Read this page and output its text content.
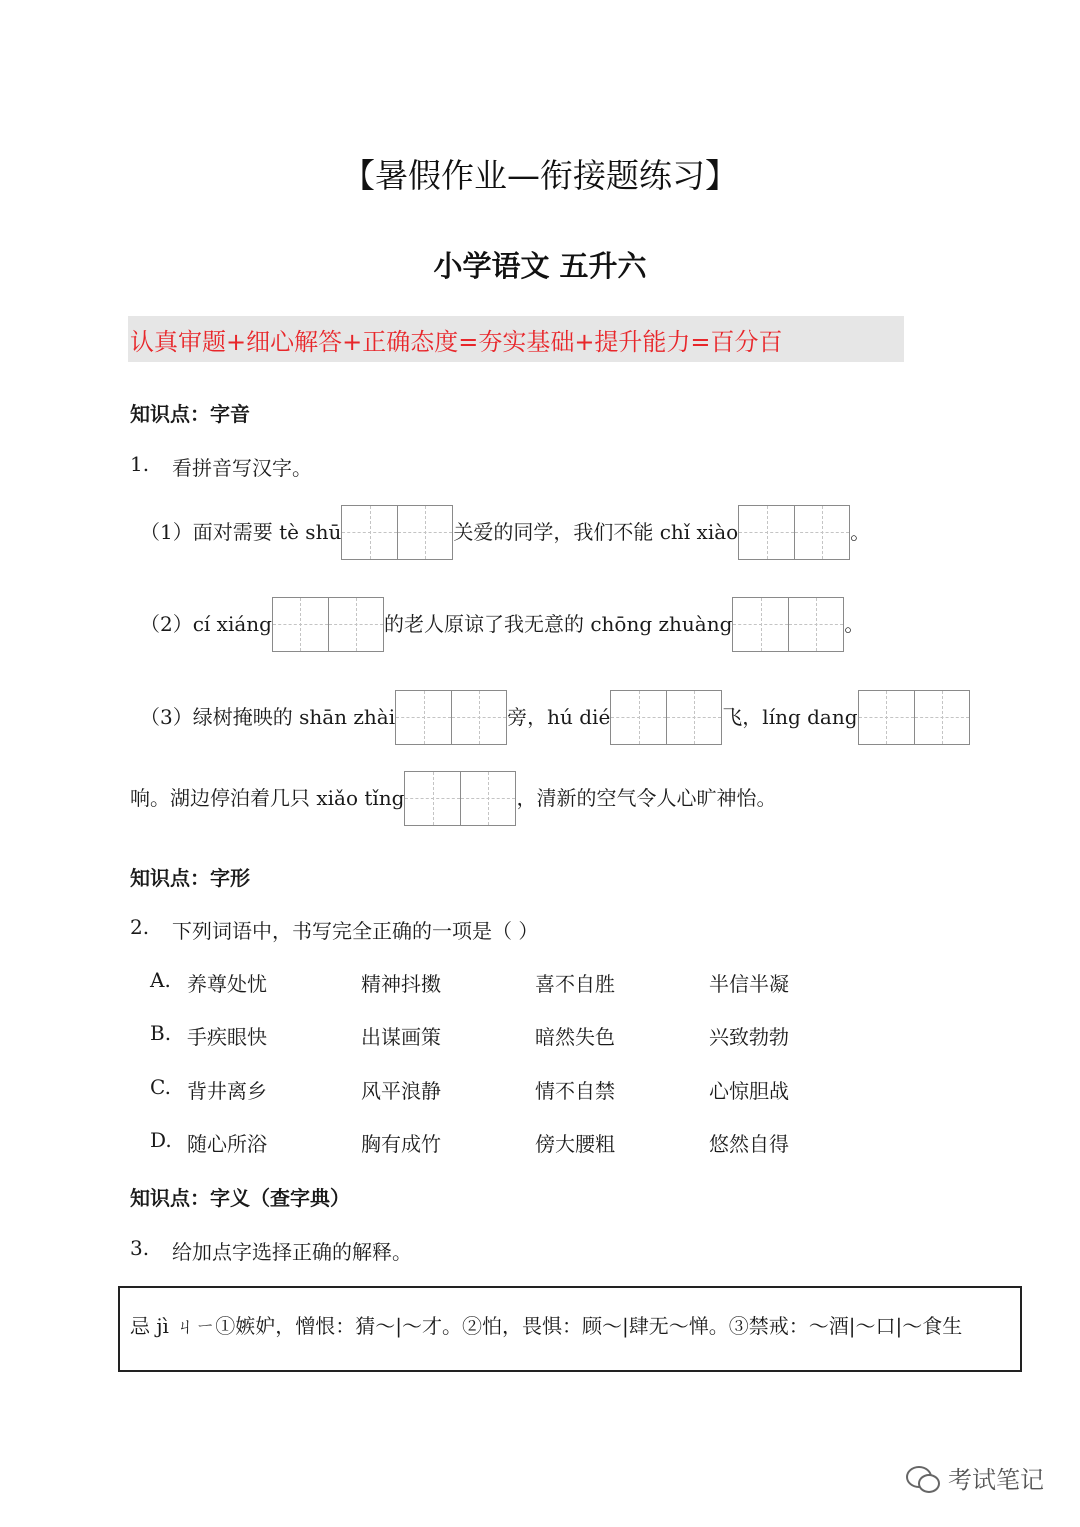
【暑假作业—衔接题练习】
小学语文 五升六
认真审题+细心解答+正确态度=夯实基础+提升能力=百分百
知识点：字音
1. 看拼音写汉字。
（1）面对需要 tè shū	关爱的同学，我们不能 chǐ xiào	。
（2）cí xiáng	的老人原谅了我无意的 chōng zhuàng	。
（3）绿树掩映的 shān zhài	旁，hú dié	飞，líng dang
响。湖边停泊着几只 xiǎo tǐng	，清新的空气令人心旷神怡。
知识点：字形
2. 下列词语中，书写完全正确的一项是（ ）
A. 养尊处忧	精神抖擞	喜不自胜	半信半凝
B. 手疾眼快	出谋画策	暗然失色	兴致勃勃
C. 背井离乡	风平浪静	情不自禁	心惊胆战
D. 随心所浴	胸有成竹	傍大腰粗	悠然自得
知识点：字义（查字典）
3. 给加点字选择正确的解释。
忌 jì ㄐㄧ①嫉妒，憎恨：猜～|～才。②怕，畏惧：顾～|肆无～惮。③禁戒：～酒|～口|～食生
考试笔记
